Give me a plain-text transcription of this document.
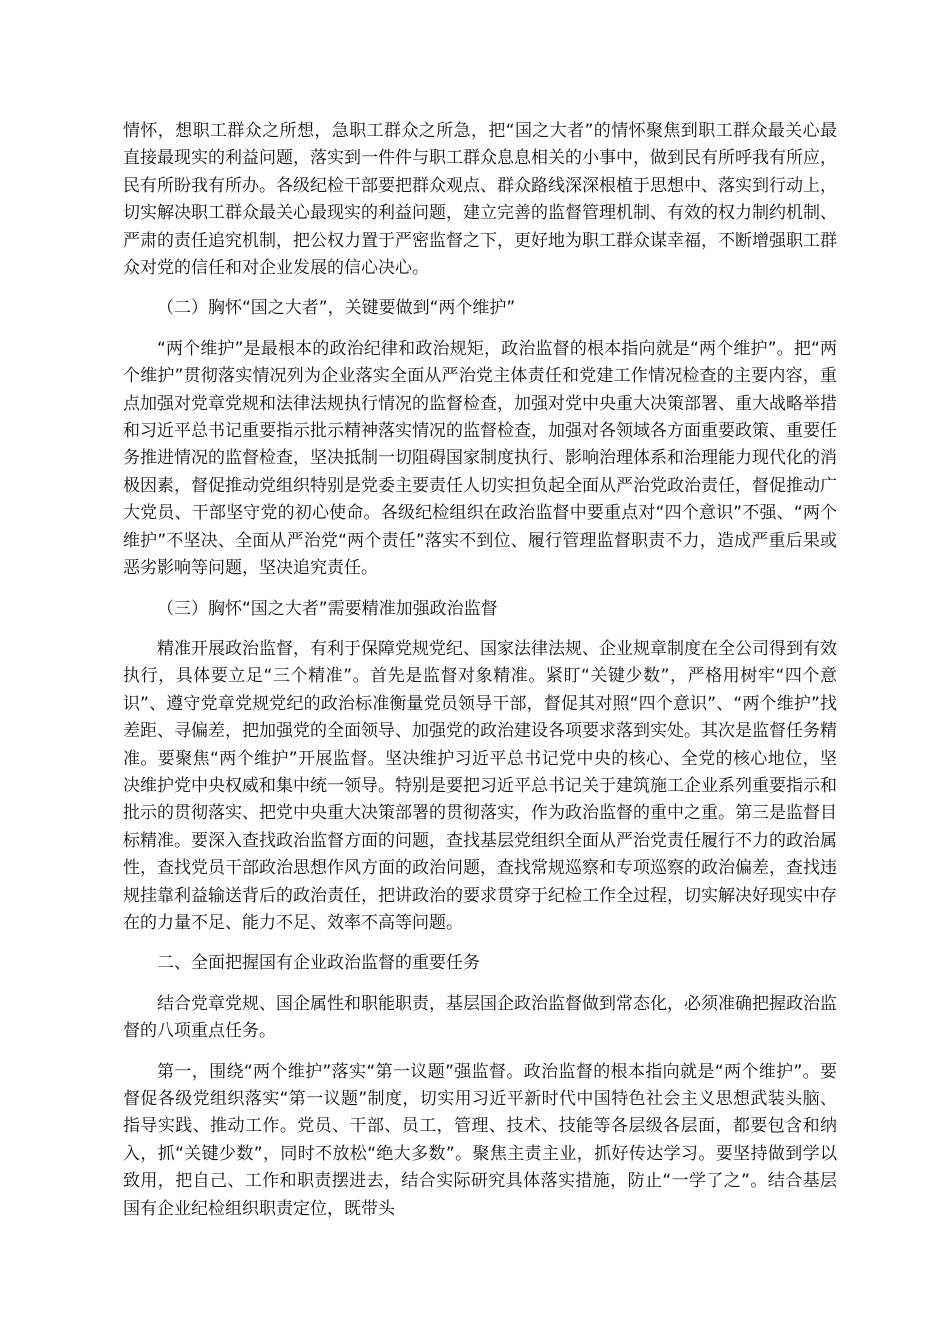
情怀，想职工群众之所想，急职工群众之所急，把“国之大者”的情怀聚焦到职工群众最关心最直接最现实的利益问题，落实到一件件与职工群众息息相关的小事中，做到民有所呼我有所应，民有所盼我有所办。各级纪检干部要把群众观点、群众路线深深根植于思想中、落实到行动上，切实解决职工群众最关心最现实的利益问题，建立完善的监督管理机制、有效的权力制约机制、严肃的责任追究机制，把公权力置于严密监督之下，更好地为职工群众谋幸福，不断增强职工群众对党的信任和对企业发展的信心决心。

（二）胸怀“国之大者”，关键要做到“两个维护”

“两个维护”是最根本的政治纪律和政治规矩，政治监督的根本指向就是“两个维护”。把“两个维护”贯彻落实情况列为企业落实全面从严治党主体责任和党建工作情况检查的主要内容，重点加强对党章党规和法律法规执行情况的监督检查，加强对党中央重大决策部署、重大战略举措和习近平总书记重要指示批示精神落实情况的监督检查，加强对各领域各方面重要政策、重要任务推进情况的监督检查，坚决抵制一切阻碍国家制度执行、影响治理体系和治理能力现代化的消极因素，督促推动党组织特别是党委主要责任人切实担负起全面从严治党政治责任，督促推动广大党员、干部坚守党的初心使命。各级纪检组织在政治监督中要重点对“四个意识”不强、“两个维护”不坚决、全面从严治党“两个责任”落实不到位、履行管理监督职责不力，造成严重后果或恶劣影响等问题，坚决追究责任。

（三）胸怀“国之大者”需要精准加强政治监督

精准开展政治监督，有利于保障党规党纪、国家法律法规、企业规章制度在全公司得到有效执行，具体要立足“三个精准”。首先是监督对象精准。紧盯“关键少数”，严格用树牢“四个意识”、遵守党章党规党纪的政治标准衡量党员领导干部，督促其对照“四个意识”、“两个维护”找差距、寻偏差，把加强党的全面领导、加强党的政治建设各项要求落到实处。其次是监督任务精准。要聚焦“两个维护”开展监督。坚决维护习近平总书记党中央的核心、全党的核心地位，坚决维护党中央权威和集中统一领导。特别是要把习近平总书记关于建筑施工企业系列重要指示和批示的贯彻落实、把党中央重大决策部署的贯彻落实，作为政治监督的重中之重。第三是监督目标精准。要深入查找政治监督方面的问题，查找基层党组织全面从严治党责任履行不力的政治属性，查找党员干部政治思想作风方面的政治问题，查找常规巡察和专项巡察的政治偏差，查找违规挂靠利益输送背后的政治责任，把讲政治的要求贯穿于纪检工作全过程，切实解决好现实中存在的力量不足、能力不足、效率不高等问题。

二、全面把握国有企业政治监督的重要任务

结合党章党规、国企属性和职能职责，基层国企政治监督做到常态化，必须准确把握政治监督的八项重点任务。

第一，围绕“两个维护”落实“第一议题”强监督。政治监督的根本指向就是“两个维护”。要督促各级党组织落实“第一议题”制度，切实用习近平新时代中国特色社会主义思想武装头脑、指导实践、推动工作。党员、干部、员工，管理、技术、技能等各层级各层面，都要包含和纳入，抓“关键少数”，同时不放松“绝大多数”。聚焦主责主业，抓好传达学习。要坚持做到学以致用，把自己、工作和职责摆进去，结合实际研究具体落实措施，防止“一学了之”。结合基层国有企业纪检组织职责定位，既带头
